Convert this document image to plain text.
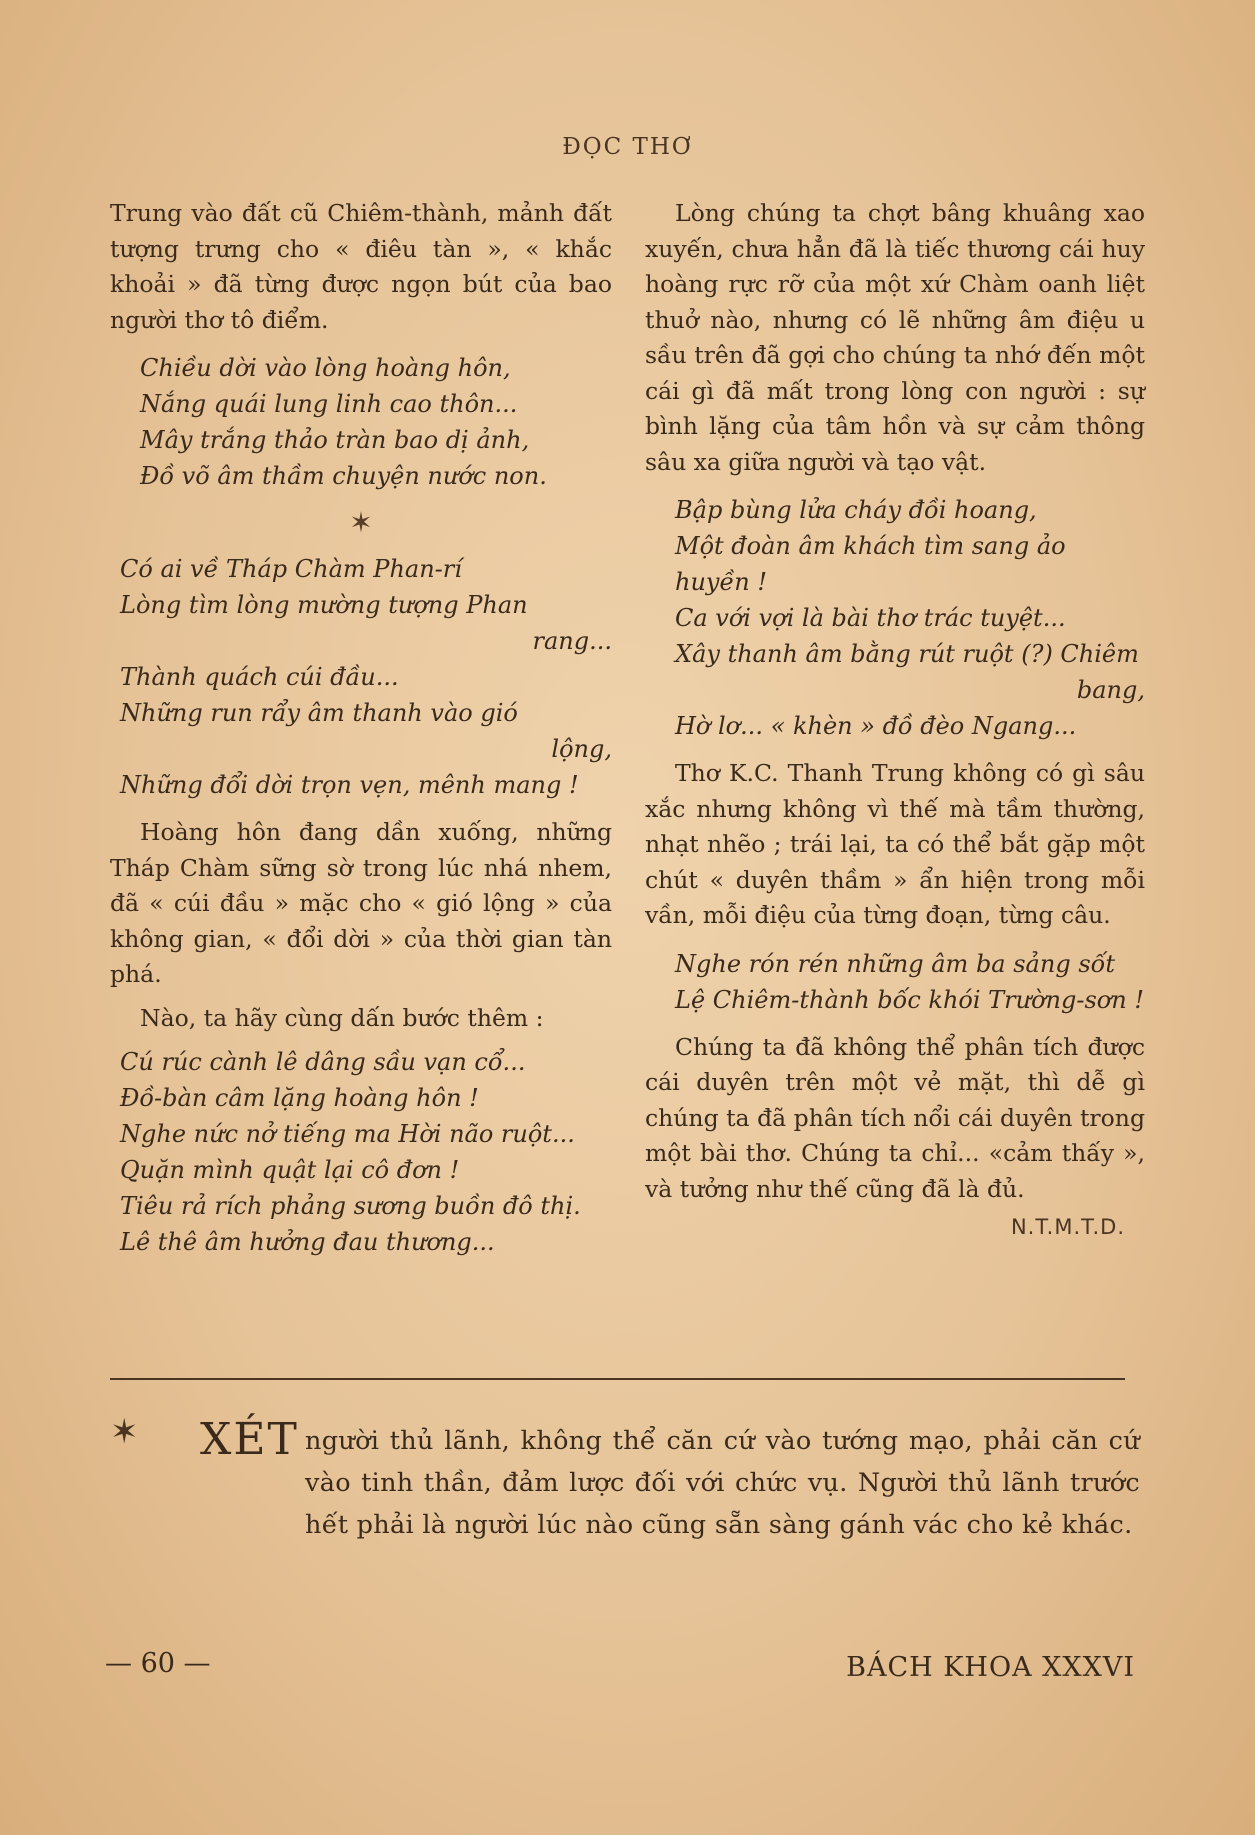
ĐỌC THƠ

Trung vào đất cũ Chiêm-thành, mảnh đất tượng trưng cho « điêu tàn », « khắc khoải » đã từng được ngọn bút của bao người thơ tô điểm.

Chiều dời vào lòng hoàng hôn,
Nắng quái lung linh cao thôn...
Mây trắng thảo tràn bao dị ảnh,
Đồ võ âm thầm chuyện nước non.
✶
Có ai về Tháp Chàm Phan-rí
Lòng tìm lòng mường tượng Phan
rang...
Thành quách cúi đầu...
Những run rẩy âm thanh vào gió
lộng,
Những đổi dời trọn vẹn, mênh mang !

Hoàng hôn đang dần xuống, những Tháp Chàm sững sờ trong lúc nhá nhem, đã « cúi đầu » mặc cho « gió lộng » của không gian, « đổi dời » của thời gian tàn phá.

Nào, ta hãy cùng dấn bước thêm :

Cú rúc cành lê dâng sầu vạn cổ...
Đồ-bàn câm lặng hoàng hôn !
Nghe nức nở tiếng ma Hời não ruột...
Quặn mình quật lại cô đơn !
Tiêu rả rích phảng sương buồn đô thị.
Lê thê âm hưởng đau thương...

Lòng chúng ta chợt bâng khuâng xao xuyến, chưa hẳn đã là tiếc thương cái huy hoàng rực rỡ của một xứ Chàm oanh liệt thuở nào, nhưng có lẽ những âm điệu u sầu trên đã gợi cho chúng ta nhớ đến một cái gì đã mất trong lòng con người : sự bình lặng của tâm hồn và sự cảm thông sâu xa giữa người và tạo vật.

Bập bùng lửa cháy đồi hoang,
Một đoàn âm khách tìm sang ảo huyền !
Ca với vợi là bài thơ trác tuyệt...
Xây thanh âm bằng rút ruột (?) Chiêm
bang,
Hờ lơ... « khèn » đồ đèo Ngang...

Thơ K.C. Thanh Trung không có gì sâu xắc nhưng không vì thế mà tầm thường, nhạt nhẽo ; trái lại, ta có thể bắt gặp một chút « duyên thầm » ẩn hiện trong mỗi vần, mỗi điệu của từng đoạn, từng câu.

Nghe rón rén những âm ba sảng sốt
Lệ Chiêm-thành bốc khói Trường-sơn !

Chúng ta đã không thể phân tích được cái duyên trên một vẻ mặt, thì dễ gì chúng ta đã phân tích nổi cái duyên trong một bài thơ. Chúng ta chỉ... «cảm thấy », và tưởng như thế cũng đã là đủ.

N.T.M.T.D.
✶ XÉT người thủ lãnh, không thể căn cứ vào tướng mạo, phải căn cứ vào tinh thần, đảm lược đối với chức vụ. Người thủ lãnh trước hết phải là người lúc nào cũng sẵn sàng gánh vác cho kẻ khác.
— 60 —	BÁCH KHOA XXXVI
